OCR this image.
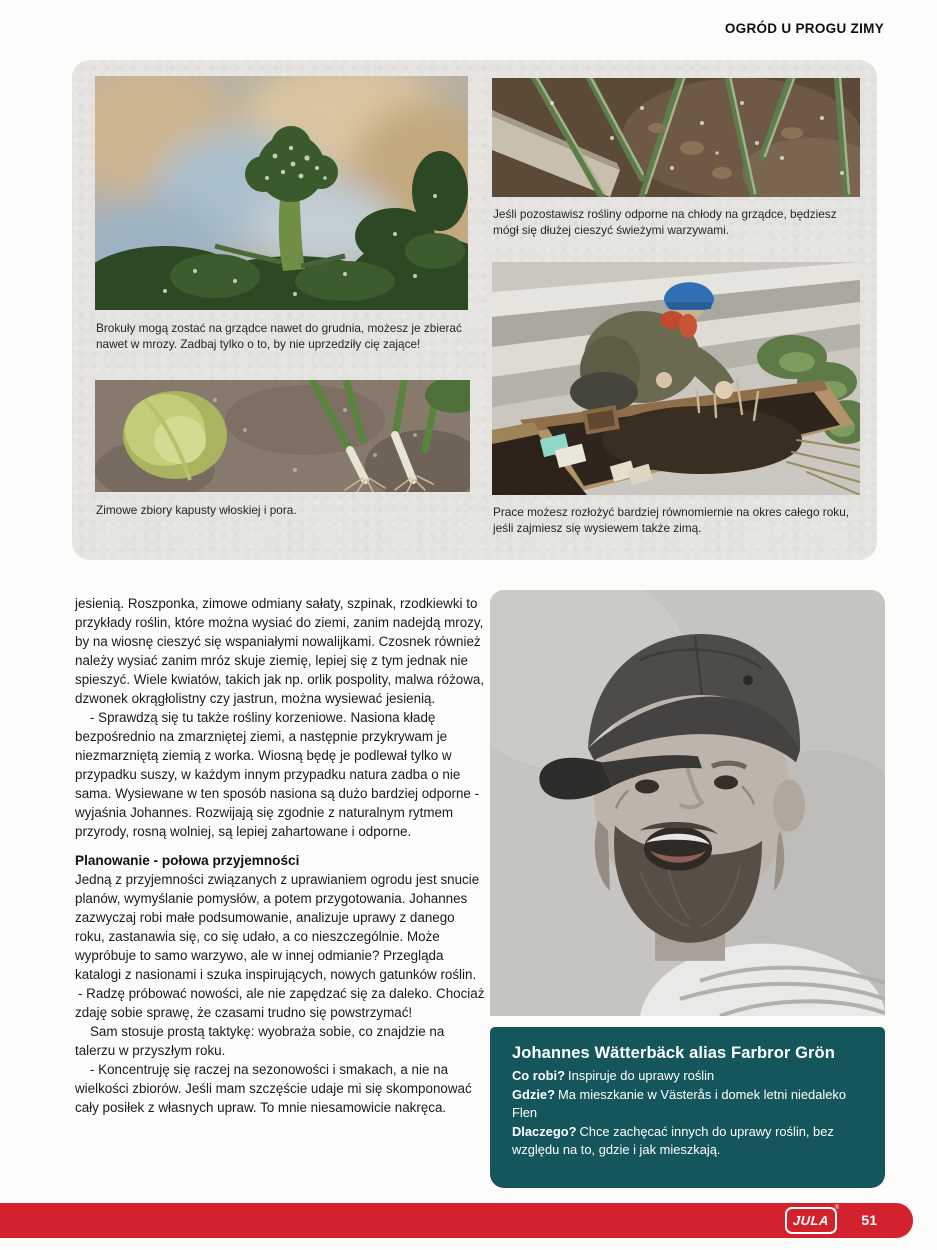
OGRÓD U PROGU ZIMY
Brokuły mogą zostać na grządce nawet do grudnia, możesz je zbierać nawet w mrozy. Zadbaj tylko o to, by nie uprzedziły cię zające!
Jeśli pozostawisz rośliny odporne na chłody na grządce, będziesz mógł się dłużej cieszyć świeżymi warzywami.
Prace możesz rozłożyć bardziej równomiernie na okres całego roku, jeśli zajmiesz się wysiewem także zimą.
Zimowe zbiory kapusty włoskiej i pora.

jesienią. Roszponka, zimowe odmiany sałaty, szpinak, rzodkiewki to przykłady roślin, które można wysiać do ziemi, zanim nadejdą mrozy, by na wiosnę cieszyć się wspaniałymi nowalijkami. Czosnek również należy wysiać zanim mróz skuje ziemię, lepiej się z tym jednak nie spieszyć. Wiele kwiatów, takich jak np. orlik pospolity, malwa różowa, dzwonek okrągłolistny czy jastrun, można wysiewać jesienią.

- Sprawdzą się tu także rośliny korzeniowe. Nasiona kładę bezpośrednio na zmarzniętej ziemi, a następnie przykrywam je niezmarzniętą ziemią z worka. Wiosną będę je podlewał tylko w przypadku suszy, w każdym innym przypadku natura zadba o nie sama. Wysiewane w ten sposób nasiona są dużo bardziej odporne - wyjaśnia Johannes. Rozwijają się zgodnie z naturalnym rytmem przyrody, rosną wolniej, są lepiej zahartowane i odporne.

Planowanie - połowa przyjemności

Jedną z przyjemności związanych z uprawianiem ogrodu jest snucie planów, wymyślanie pomysłów, a potem przygotowania. Johannes zazwyczaj robi małe podsumowanie, analizuje uprawy z danego roku, zastanawia się, co się udało, a co nieszczególnie. Może wypróbuje to samo warzywo, ale w innej odmianie? Przegląda katalogi z nasionami i szuka inspirujących, nowych gatunków roślin.

- Radzę próbować nowości, ale nie zapędzać się za daleko. Chociaż zdaję sobie sprawę, że czasami trudno się powstrzymać!

Sam stosuje prostą taktykę: wyobraża sobie, co znajdzie na talerzu w przyszłym roku.

- Koncentruję się raczej na sezonowości i smakach, a nie na wielkości zbiorów. Jeśli mam szczęście udaje mi się skomponować cały posiłek z własnych upraw. To mnie niesamowicie nakręca.

Johannes Wätterbäck alias Farbror Grön

Co robi? Inspiruje do uprawy roślin

Gdzie? Ma mieszkanie w Västerås i domek letni niedaleko Flen

Dlaczego? Chce zachęcać innych do uprawy roślin, bez względu na to, gdzie i jak mieszkają.

JULA
®
51
